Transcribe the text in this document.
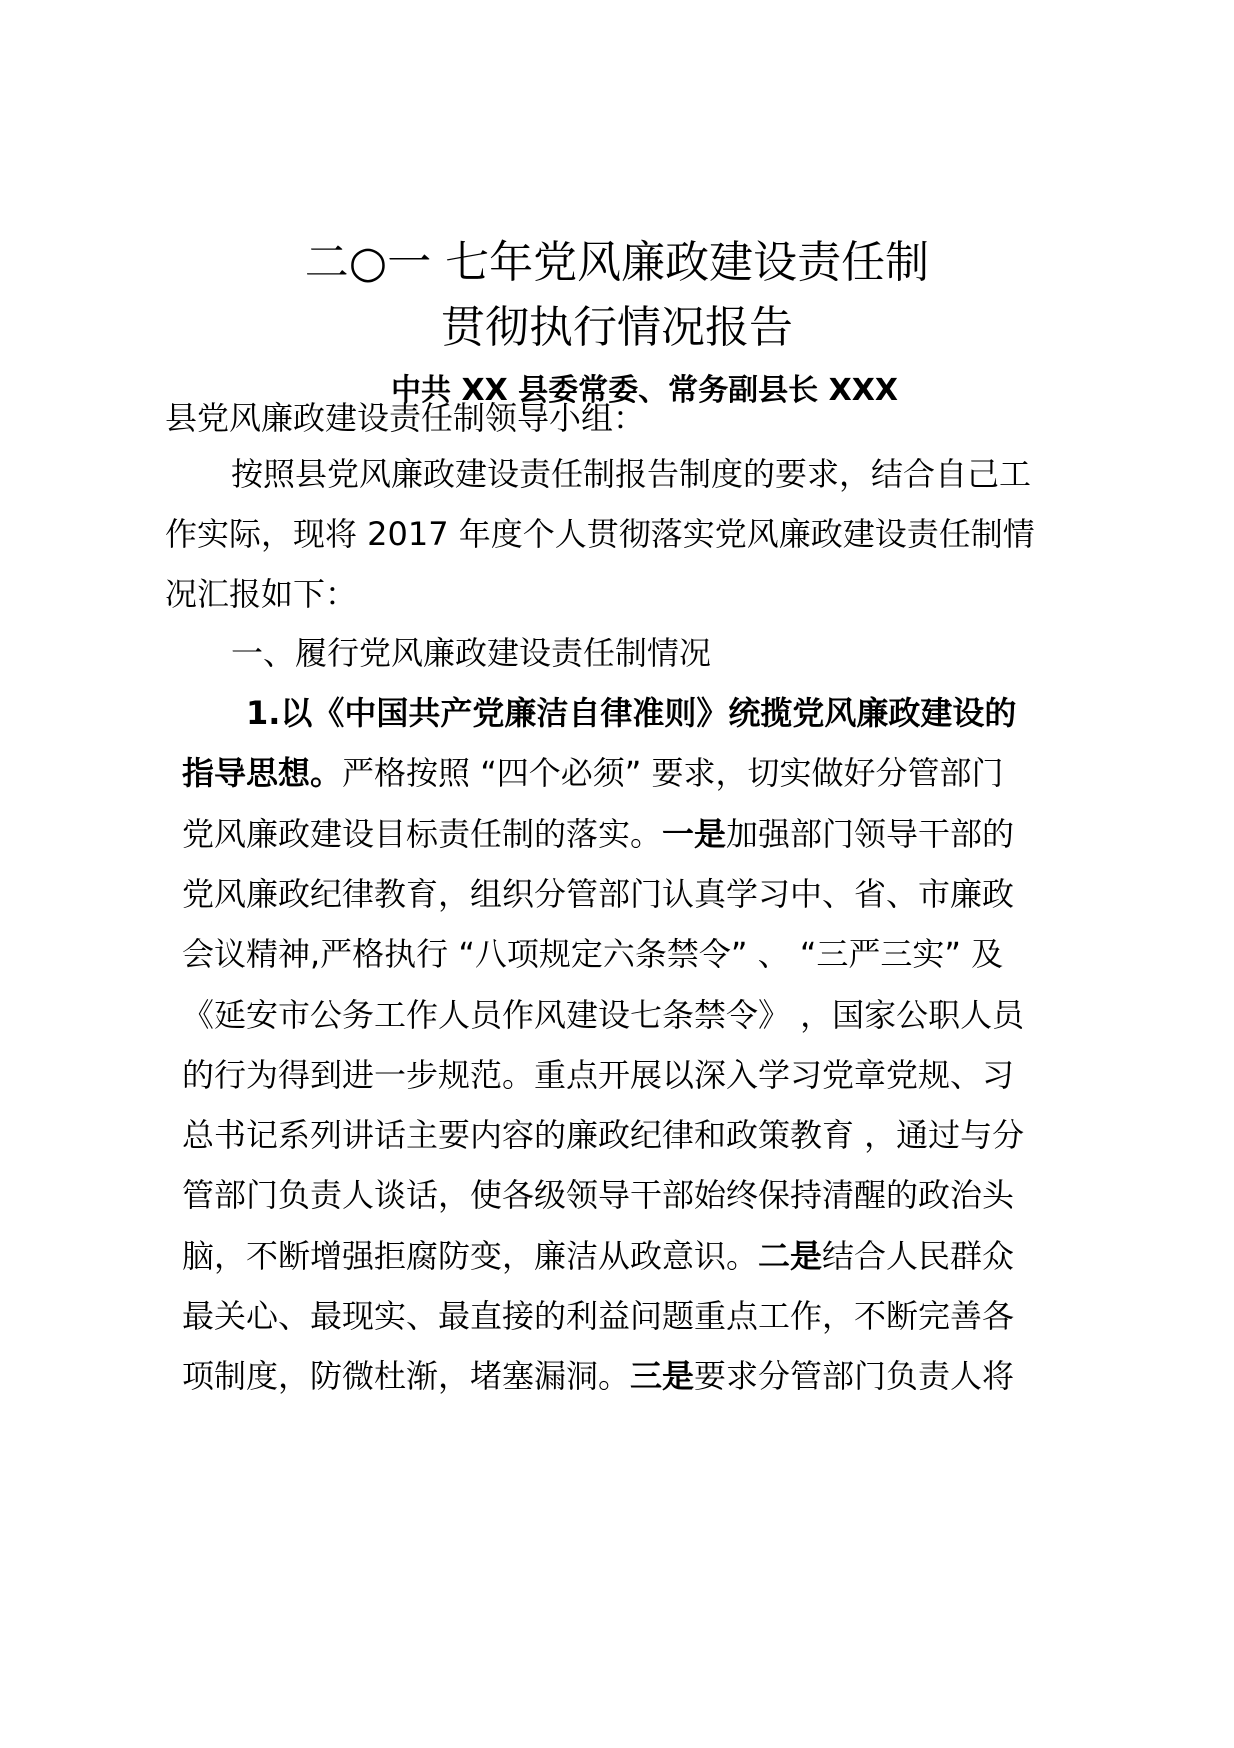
二○一 七年党风廉政建设责任制
贯彻执行情况报告
中共 XX 县委常委、常务副县长 XXX
县党风廉政建设责任制领导小组：
按照县党风廉政建设责任制报告制度的要求，结合自己工
作实际，现将 2017 年度个人贯彻落实党风廉政建设责任制情
况汇报如下：
一、履行党风廉政建设责任制情况
1.以《中国共产党廉洁自律准则》统揽党风廉政建设的
指导思想。严格按照 “四个必须” 要求，切实做好分管部门
党风廉政建设目标责任制的落实。一是加强部门领导干部的
党风廉政纪律教育，组织分管部门认真学习中、省、市廉政
会议精神,严格执行 “八项规定六条禁令” 、 “三严三实” 及
《延安市公务工作人员作风建设七条禁令》 ，国家公职人员
的行为得到进一步规范。重点开展以深入学习党章党规、习
总书记系列讲话主要内容的廉政纪律和政策教育 ，通过与分
管部门负责人谈话，使各级领导干部始终保持清醒的政治头
脑，不断增强拒腐防变，廉洁从政意识。二是结合人民群众
最关心、最现实、最直接的利益问题重点工作，不断完善各
项制度，防微杜渐，堵塞漏洞。三是要求分管部门负责人将
